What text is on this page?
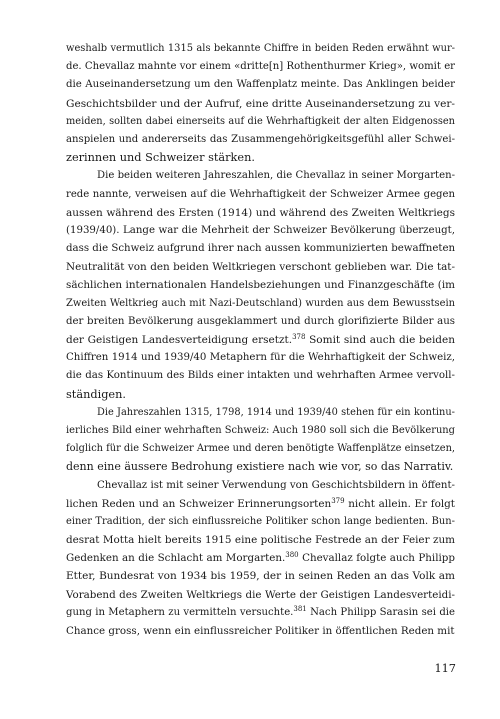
weshalb vermutlich 1315 als bekannte Chiffre in beiden Reden erwähnt wur-
de. Chevallaz mahnte vor einem «dritte[n] Rothenthurmer Krieg», womit er
die Auseinandersetzung um den Waffenplatz meinte. Das Anklingen beider
Geschichtsbilder und der Aufruf, eine dritte Auseinandersetzung zu ver-
meiden, sollten dabei einerseits auf die Wehrhaftigkeit der alten Eidgenossen
anspielen und andererseits das Zusammengehörigkeitsgefühl aller Schwei-
zerinnen und Schweizer stärken.
Die beiden weiteren Jahreszahlen, die Chevallaz in seiner Morgarten-
rede nannte, verweisen auf die Wehrhaftigkeit der Schweizer Armee gegen
aussen während des Ersten (1914) und während des Zweiten Weltkriegs
(1939/40). Lange war die Mehrheit der Schweizer Bevölkerung überzeugt,
dass die Schweiz aufgrund ihrer nach aussen kommunizierten bewaffneten
Neutralität von den beiden Weltkriegen verschont geblieben war. Die tat-
sächlichen internationalen Handelsbeziehungen und Finanzgeschäfte (im
Zweiten Weltkrieg auch mit Nazi-Deutschland) wurden aus dem Bewusstsein
der breiten Bevölkerung ausgeklammert und durch glorifizierte Bilder aus
der Geistigen Landesverteidigung ersetzt.$^{378}$ Somit sind auch die beiden
Chiffren 1914 und 1939/40 Metaphern für die Wehrhaftigkeit der Schweiz,
die das Kontinuum des Bilds einer intakten und wehrhaften Armee vervoll-
ständigen.
Die Jahreszahlen 1315, 1798, 1914 und 1939/40 stehen für ein kontinu-
ierliches Bild einer wehrhaften Schweiz: Auch 1980 soll sich die Bevölkerung
folglich für die Schweizer Armee und deren benötigte Waffenplätze einsetzen,
denn eine äussere Bedrohung existiere nach wie vor, so das Narrativ.
Chevallaz ist mit seiner Verwendung von Geschichtsbildern in öffent-
lichen Reden und an Schweizer Erinnerungsorten$^{379}$ nicht allein. Er folgt
einer Tradition, der sich einflussreiche Politiker schon lange bedienten. Bun-
desrat Motta hielt bereits 1915 eine politische Festrede an der Feier zum
Gedenken an die Schlacht am Morgarten.$^{380}$ Chevallaz folgte auch Philipp
Etter, Bundesrat von 1934 bis 1959, der in seinen Reden an das Volk am
Vorabend des Zweiten Weltkriegs die Werte der Geistigen Landesverteidi-
gung in Metaphern zu vermitteln versuchte.$^{381}$ Nach Philipp Sarasin sei die
Chance gross, wenn ein einflussreicher Politiker in öffentlichen Reden mit
117
